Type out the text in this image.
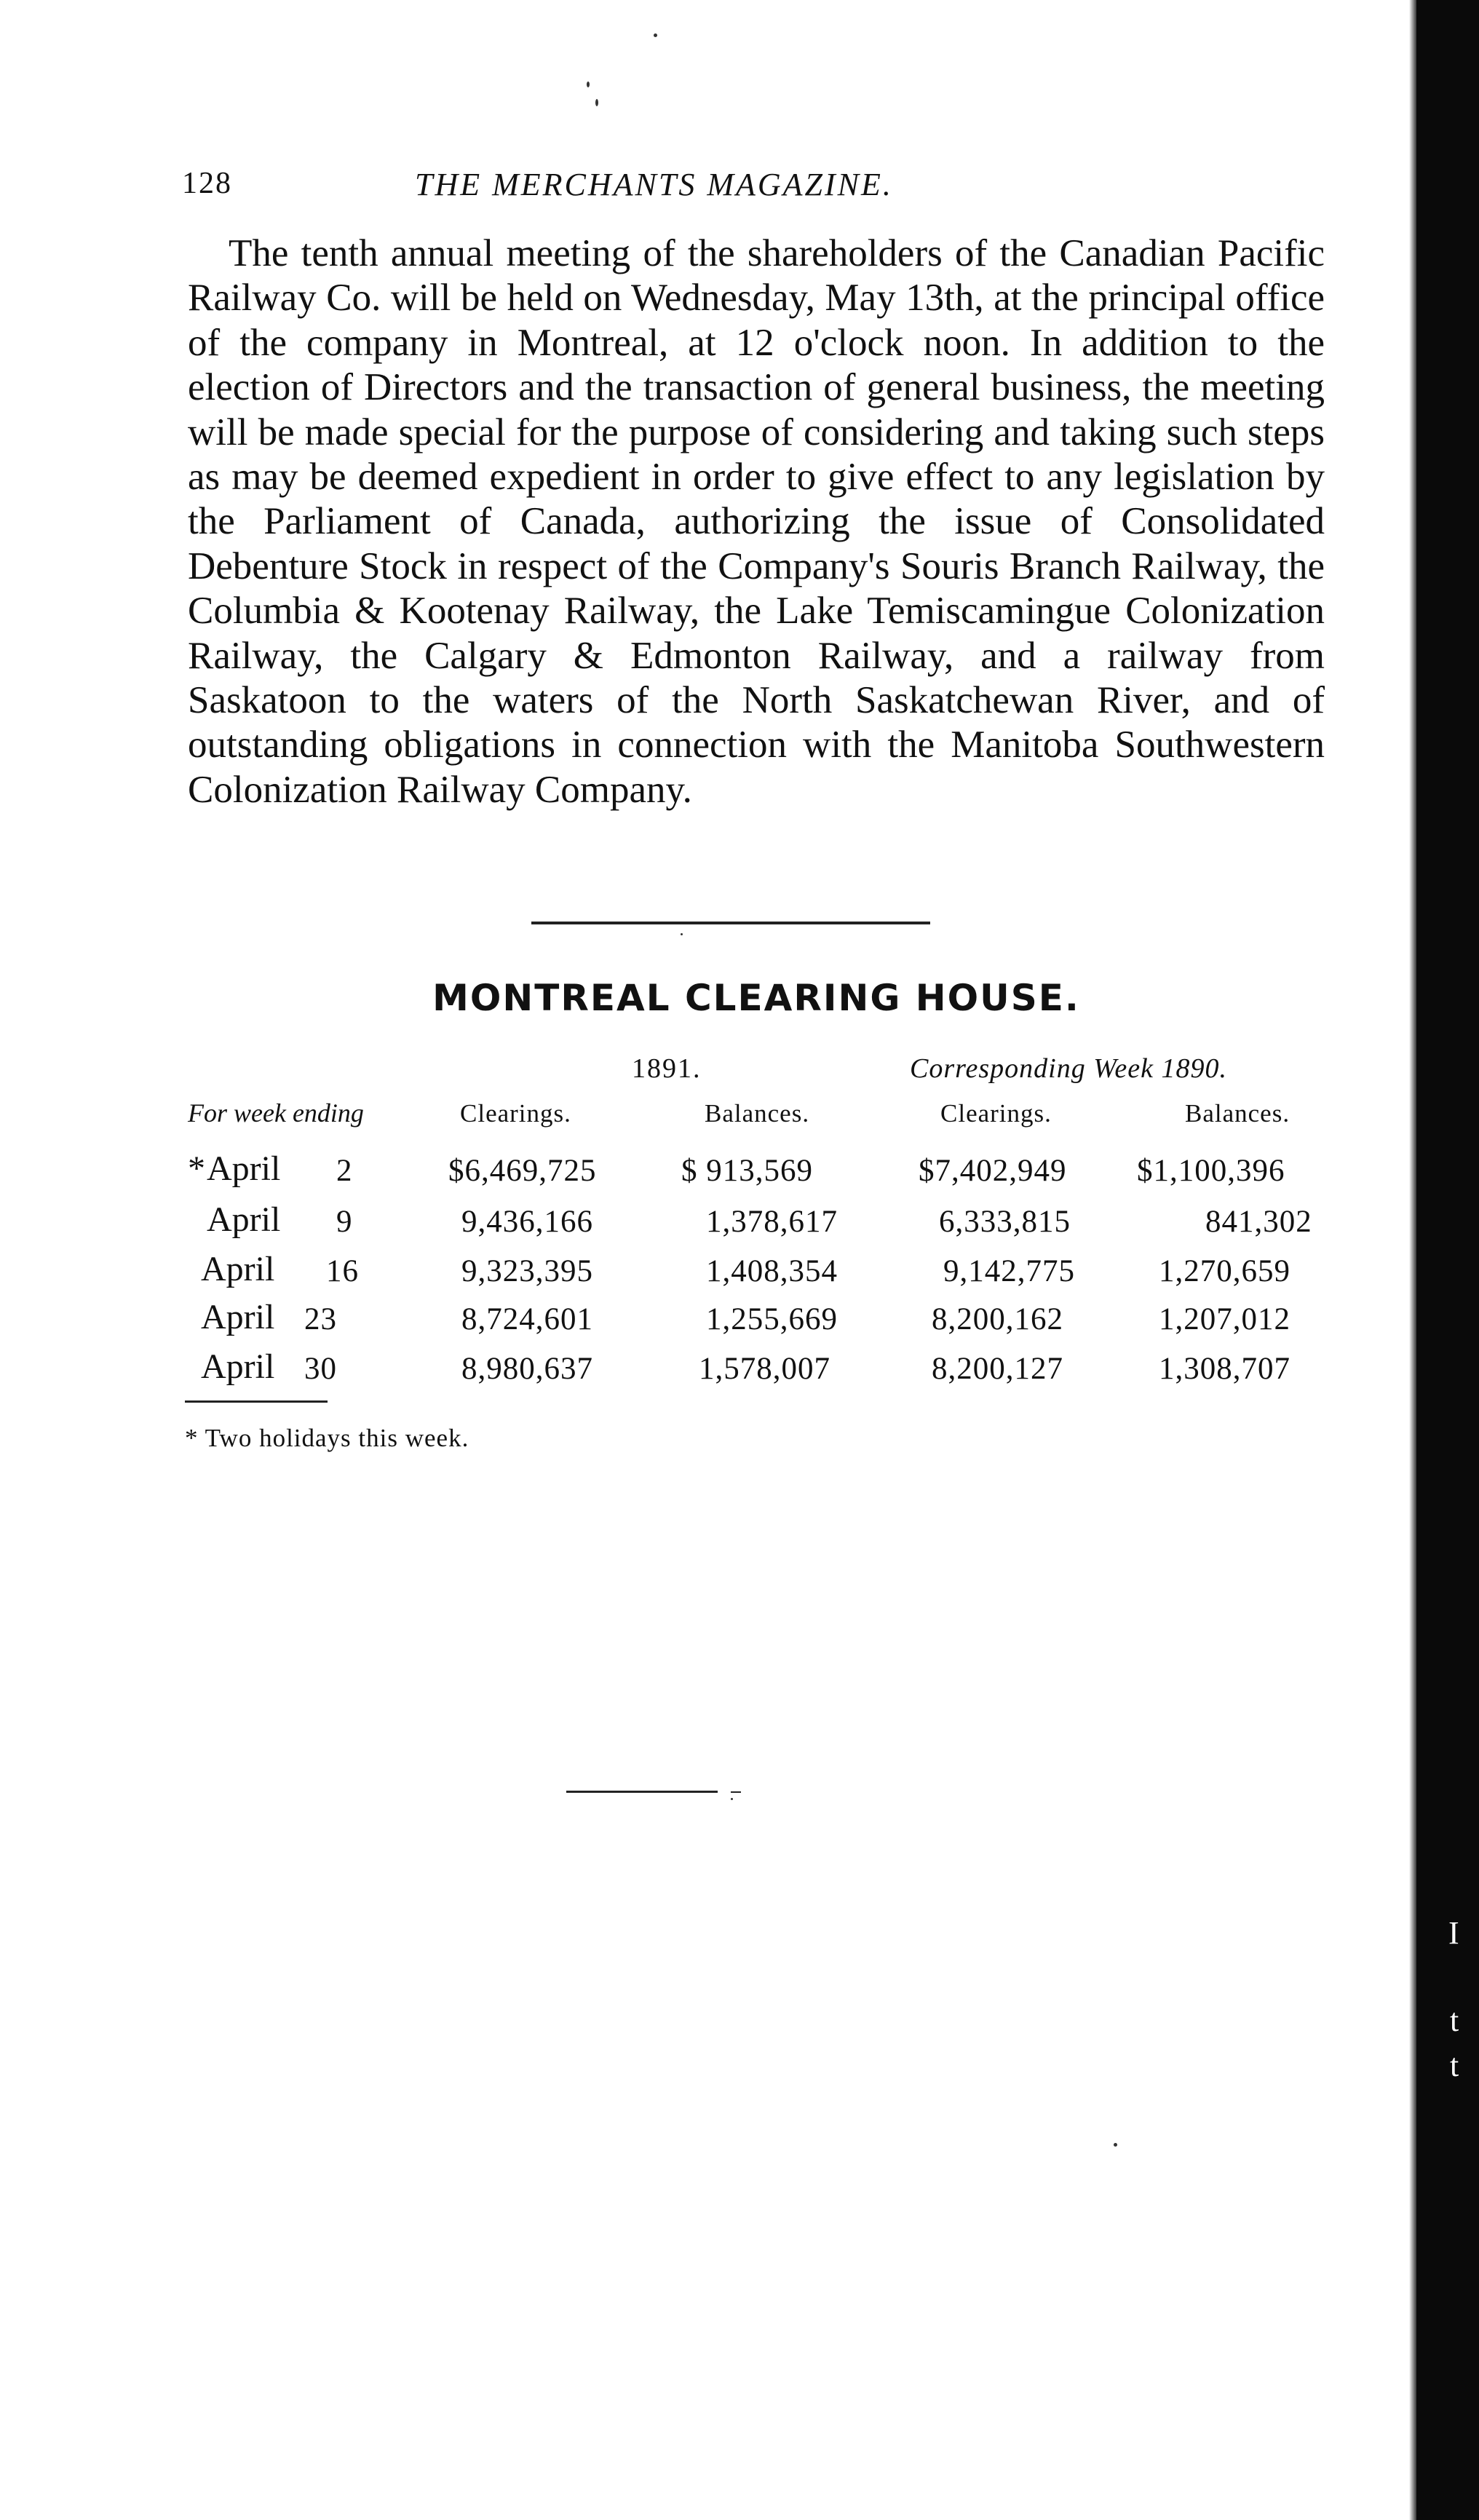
128	THE MERCHANTS MAGAZINE.

The tenth annual meeting of the shareholders of the Canadian Pacific Railway Co. will be held on Wednesday, May 13th, at the principal office of the company in Montreal, at 12 o'clock noon. In addition to the election of Directors and the transaction of general business, the meeting will be made special for the purpose of considering and taking such steps as may be deemed expedient in order to give effect to any legislation by the Parliament of Canada, authorizing the issue of Consolidated Debenture Stock in respect of the Company's Souris Branch Railway, the Columbia & Kootenay Railway, the Lake Temiscamingue Colonization Railway, the Calgary & Edmonton Railway, and a railway from Saskatoon to the waters of the North Saskatchewan River, and of outstanding obligations in connection with the Manitoba Southwestern Colonization Railway Company.

MONTREAL CLEARING HOUSE.
1891.	Corresponding Week 1890.
For week ending	Clearings.	Balances.	Clearings.	Balances.
* April 2	$6,469,725	$ 913,569	$7,402,949 $1,100,396
April 9	9,436,166	1,378,617	6,333,815	841,302
April 16	9,323,395	1,408,354	9,142,775	1,270,659
April 23	8,724,601	1,255,669	8,200,162	1,207,012
April 30	8,980,637	1,578,007	8,200,127	1,308,707
* Two holidays this week.
I
t
t
